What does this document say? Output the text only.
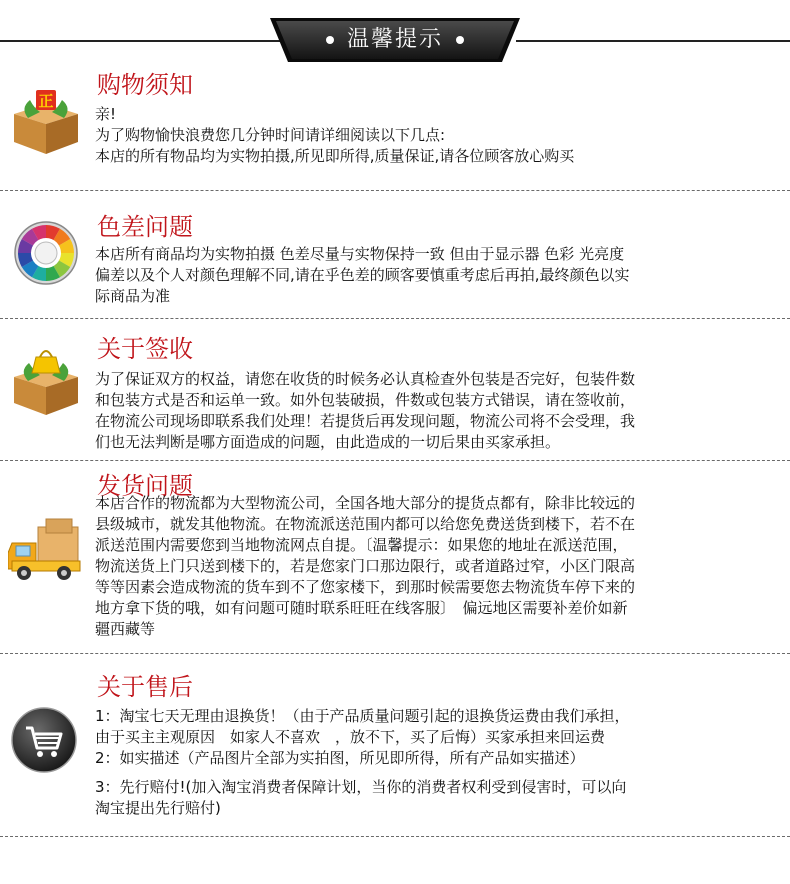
温馨提示
正
购物须知

亲!

为了购物愉快浪费您几分钟时间请详细阅读以下几点:

本店的所有物品均为实物拍摄,所见即所得,质量保证,请各位顾客放心购买

色差问题

本店所有商品均为实物拍摄 色差尽量与实物保持一致 但由于显示器 色彩 光亮度

偏差以及个人对颜色理解不同,请在乎色差的顾客要慎重考虑后再拍,最终颜色以实

际商品为准

关于签收

为了保证双方的权益，请您在收货的时候务必认真检查外包装是否完好，包装件数

和包装方式是否和运单一致。如外包装破损，件数或包装方式错误，请在签收前，

在物流公司现场即联系我们处理！若提货后再发现问题，物流公司将不会受理，我

们也无法判断是哪方面造成的问题，由此造成的一切后果由买家承担。

发货问题

本店合作的物流都为大型物流公司，全国各地大部分的提货点都有，除非比较远的

县级城市，就发其他物流。在物流派送范围内都可以给您免费送货到楼下，若不在

派送范围内需要您到当地物流网点自提。〔温馨提示：如果您的地址在派送范围，

物流送货上门只送到楼下的，若是您家门口那边限行，或者道路过窄，小区门限高

等等因素会造成物流的货车到不了您家楼下，到那时候需要您去物流货车停下来的

地方拿下货的哦，如有问题可随时联系旺旺在线客服〕　偏远地区需要补差价如新

疆西藏等

关于售后

1：淘宝七天无理由退换货！（由于产品质量问题引起的退换货运费由我们承担，

由于买主主观原因　如家人不喜欢　，放不下，买了后悔）买家承担来回运费

2：如实描述（产品图片全部为实拍图，所见即所得，所有产品如实描述）

3：先行赔付!(加入淘宝消费者保障计划，当你的消费者权利受到侵害时，可以向

淘宝提出先行赔付)
